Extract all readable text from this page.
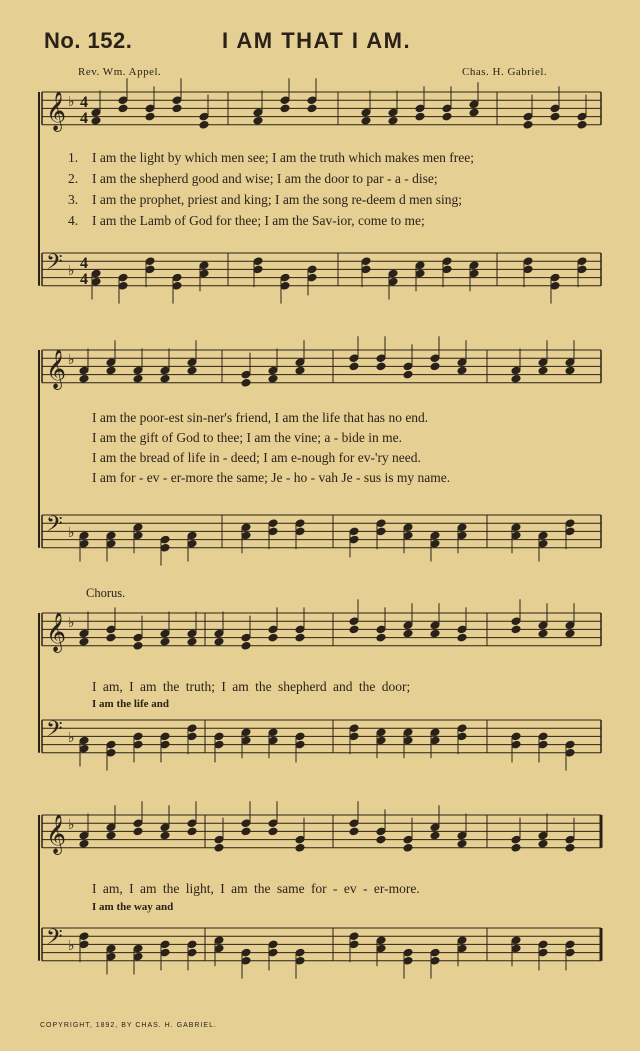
No. 152.	I AM THAT I AM.
Rev. Wm. Appel.	Chas. H. Gabriel.
𝄞 ♭ 4
4
𝄢 ♭ 4
4
𝄞 ♭
𝄢 ♭
𝄞 ♭
𝄢 ♭
𝄞 ♭
𝄢 ♭
1. I am the light by which men see; I am the truth which makes men free;
2. I am the shepherd good and wise; I am the door to par - a - dise;
3. I am the prophet, priest and king; I am the song re-deem d men sing;
4. I am the Lamb of God for thee; I am the Sav-ior, come to me;
I am the poor-est sin-ner's friend, I am the life that has no end.
I am the gift of God to thee; I am the vine; a - bide in me.
I am the bread of life in - deed; I am e-nough for ev-'ry need.
I am for - ev - er-more the same; Je - ho - vah Je - sus is my name.
Chorus.
I am, I am the truth; I am the shepherd and the door;
I am the life and
I am, I am the light, I am the same for - ev - er-more.
I am the way and
COPYRIGHT, 1892, BY CHAS. H. GABRIEL.
